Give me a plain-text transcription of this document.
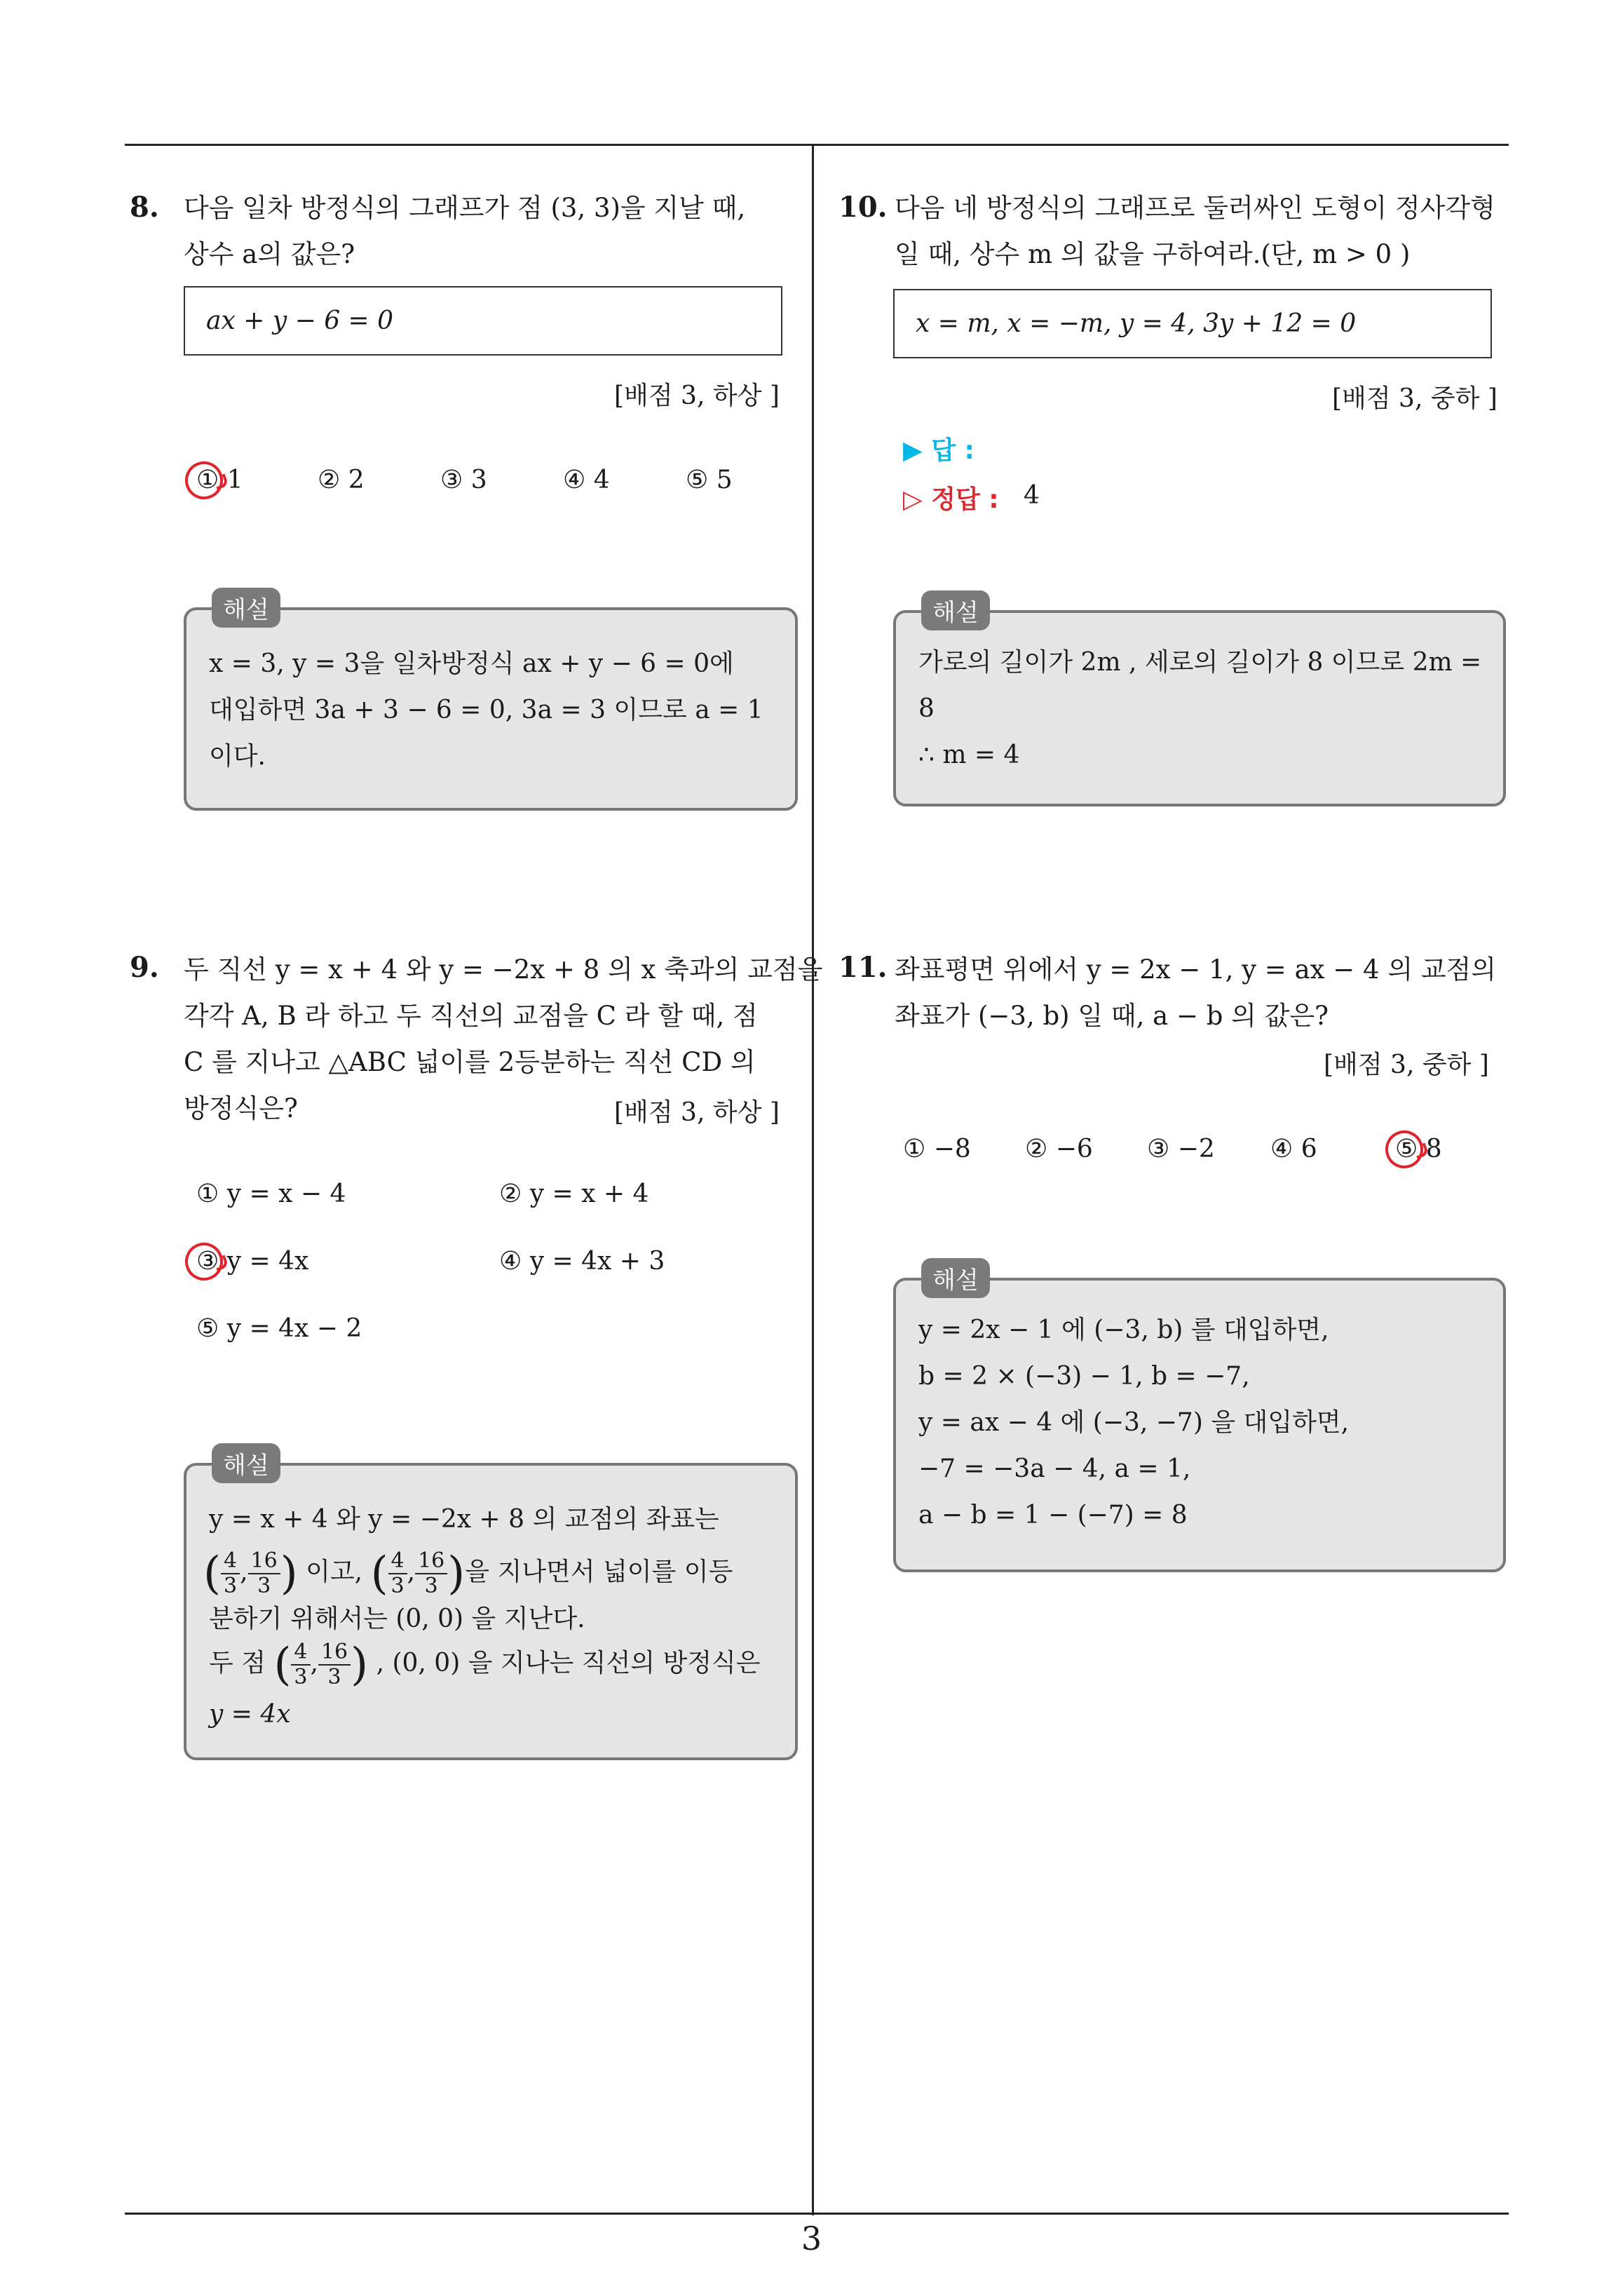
3
8. 다음 일차 방정식의 그래프가 점 (3, 3)을 지날 때,
상수 a의 값은?
ax + y − 6 = 0
[배점 3, 하상 ]
① 1	② 2	③ 3	④ 4	⑤ 5
해설
x = 3, y = 3을 일차방정식 ax + y − 6 = 0에
대입하면 3a + 3 − 6 = 0, 3a = 3 이므로 a = 1
이다.
9. 두 직선 y = x + 4 와 y = −2x + 8 의 x 축과의 교점을
각각 A, B 라 하고 두 직선의 교점을 C 라 할 때, 점
C 를 지나고 △ABC 넓이를 2등분하는 직선 CD 의
방정식은?	[배점 3, 하상 ]
① y = x − 4	② y = x + 4
③ y = 4x	④ y = 4x + 3
⑤ y = 4x − 2
해설
y = x + 4 와 y = −2x + 8 의 교점의 좌표는
( $\frac{4}{3}$ , $\frac{16}{3}$ ) 이고, ( $\frac{4}{3}$ , $\frac{16}{3}$ )을 지나면서 넓이를 이등
분하기 위해서는 (0, 0) 을 지난다.
두 점 ( $\frac{4}{3}$ , $\frac{16}{3}$ ) , (0, 0) 을 지나는 직선의 방정식은
y = 4x
10. 다음 네 방정식의 그래프로 둘러싸인 도형이 정사각형
일 때, 상수 m 의 값을 구하여라.(단, m > 0 )
x = m, x = −m, y = 4, 3y + 12 = 0
[배점 3, 중하 ]
▶ 답 :
▷ 정답 : 4
해설
가로의 길이가 2m , 세로의 길이가 8 이므로 2m =
8
∴ m = 4
11. 좌표평면 위에서 y = 2x − 1, y = ax − 4 의 교점의
좌표가 (−3, b) 일 때, a − b 의 값은?
[배점 3, 중하 ]
① −8 ② −6 ③ −2 ④ 6	⑤ 8
해설
y = 2x − 1 에 (−3, b) 를 대입하면,
b = 2 × (−3) − 1, b = −7,
y = ax − 4 에 (−3, −7) 을 대입하면,
−7 = −3a − 4, a = 1,
a − b = 1 − (−7) = 8
